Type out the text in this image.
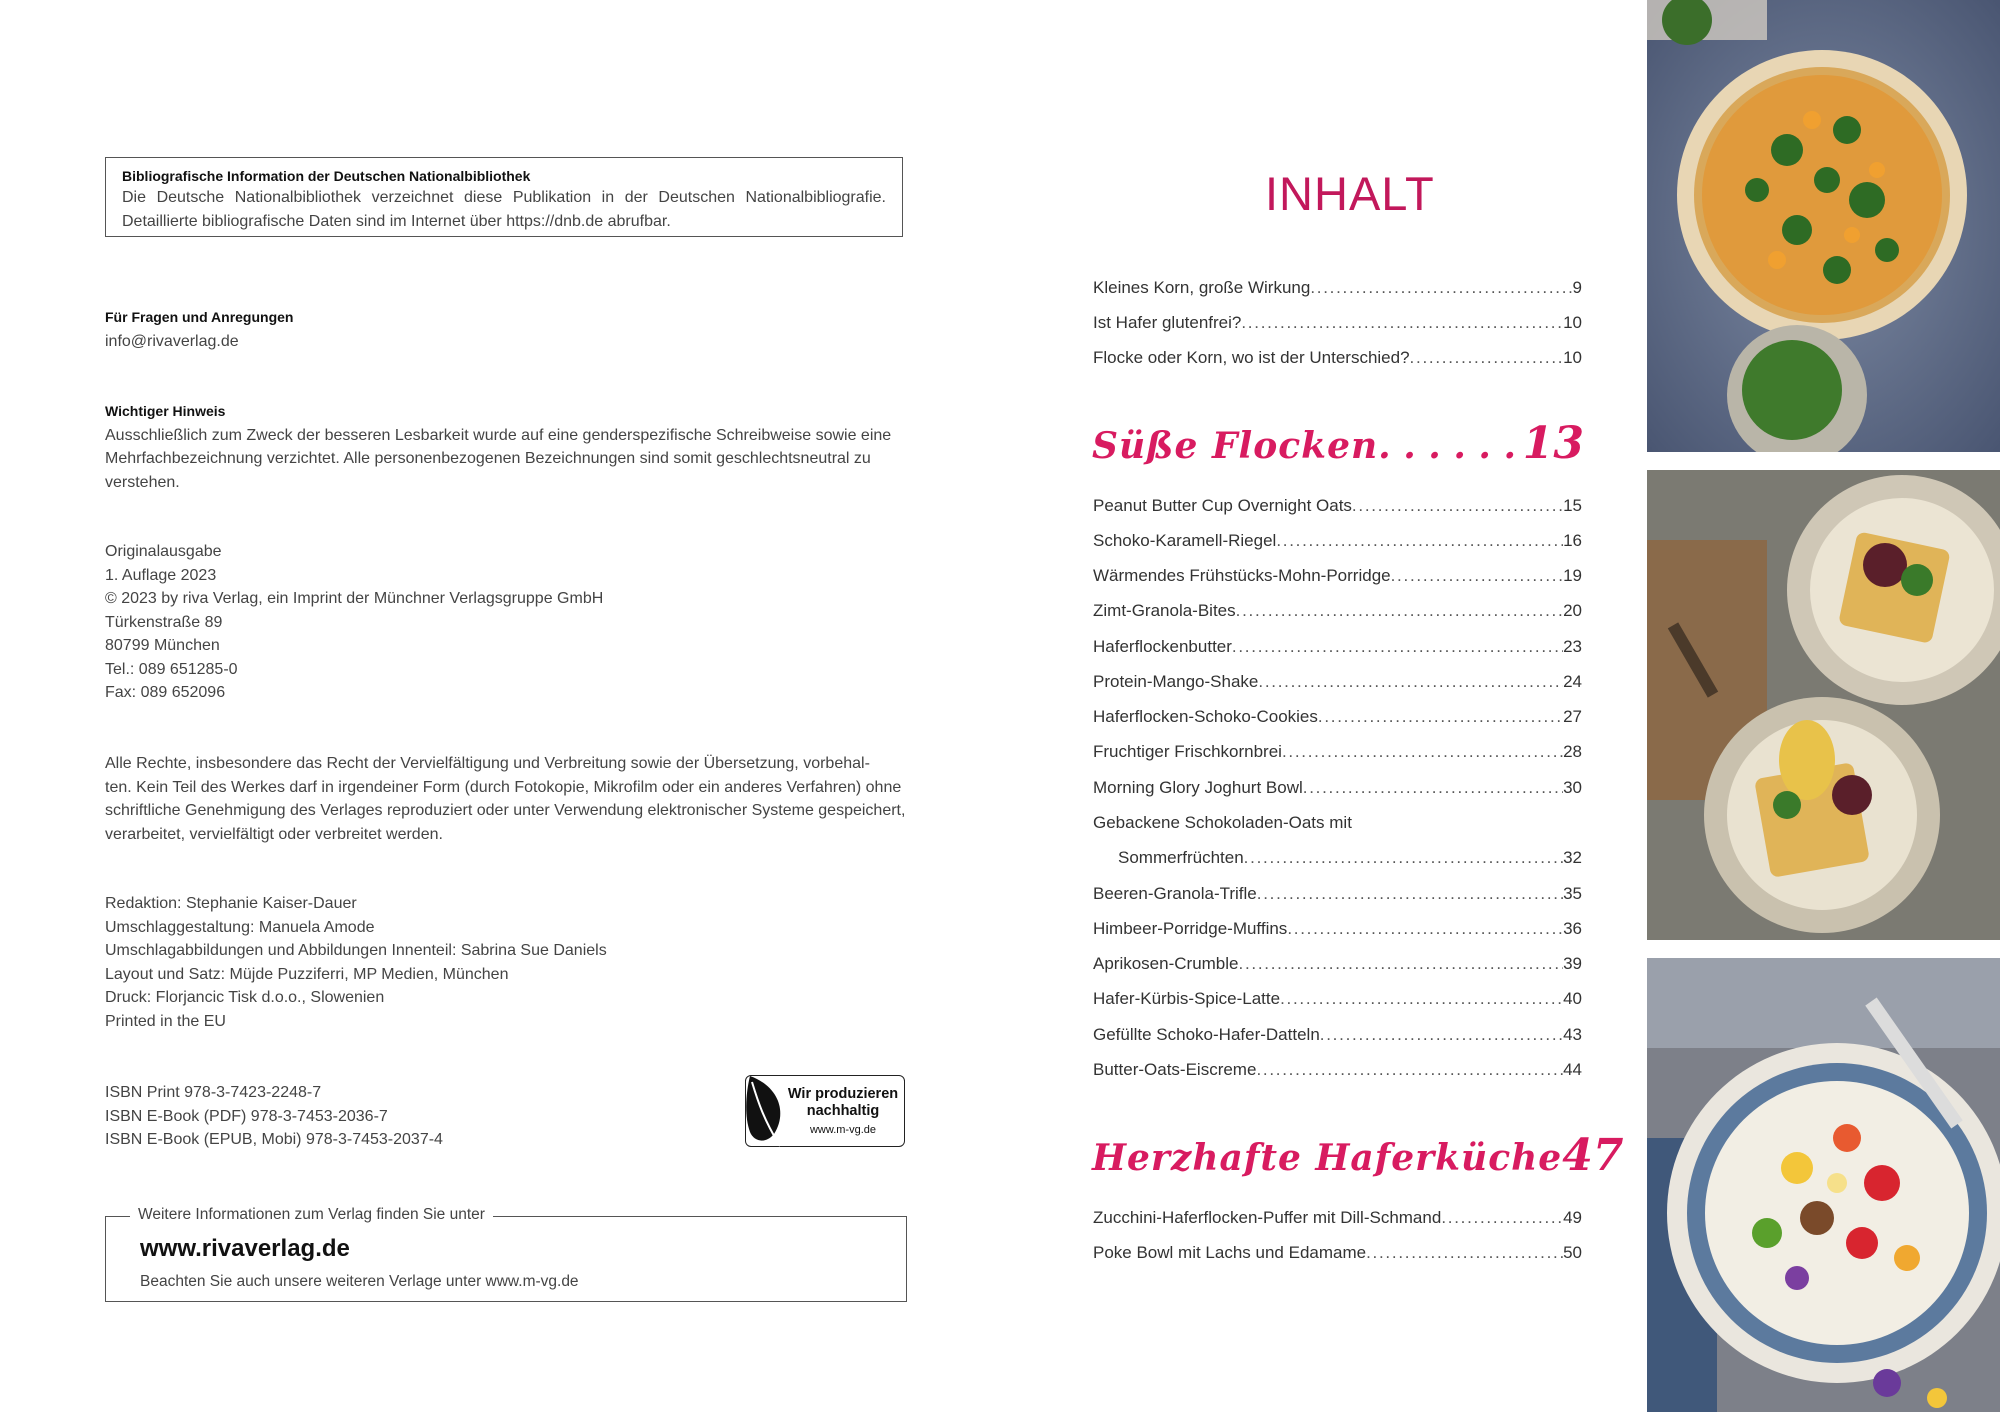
Bibliografische Information der Deutschen Nationalbibliothek
Die Deutsche Nationalbibliothek verzeichnet diese Publikation in der Deutschen Nationalbibliografie. Detaillierte bibliografische Daten sind im Internet über https://dnb.de abrufbar.
Für Fragen und Anregungen
info@rivaverlag.de
Wichtiger Hinweis
Ausschließlich zum Zweck der besseren Lesbarkeit wurde auf eine genderspezifische Schreibweise sowie eine
Mehrfachbezeichnung verzichtet. Alle personenbezogenen Bezeichnungen sind somit geschlechtsneutral zu
verstehen.
Originalausgabe
1. Auflage 2023
© 2023 by riva Verlag, ein Imprint der Münchner Verlagsgruppe GmbH
Türkenstraße 89
80799 München
Tel.: 089 651285-0
Fax: 089 652096
Alle Rechte, insbesondere das Recht der Vervielfältigung und Verbreitung sowie der Übersetzung, vorbehal-
ten. Kein Teil des Werkes darf in irgendeiner Form (durch Fotokopie, Mikrofilm oder ein anderes Verfahren) ohne
schriftliche Genehmigung des Verlages reproduziert oder unter Verwendung elektronischer Systeme gespeichert,
verarbeitet, vervielfältigt oder verbreitet werden.
Redaktion: Stephanie Kaiser-Dauer
Umschlaggestaltung: Manuela Amode
Umschlagabbildungen und Abbildungen Innenteil: Sabrina Sue Daniels
Layout und Satz: Müjde Puzziferri, MP Medien, München
Druck: Florjancic Tisk d.o.o., Slowenien
Printed in the EU
ISBN Print 978-3-7423-2248-7
ISBN E-Book (PDF) 978-3-7453-2036-7
ISBN E-Book (EPUB, Mobi) 978-3-7453-2037-4
Wir produzieren
nachhaltig
www.m-vg.de
Weitere Informationen zum Verlag finden Sie unter
www.rivaverlag.de
Beachten Sie auch unsere weiteren Verlage unter www.m-vg.de
INHALT
Kleines Korn, große Wirkung . . .	9
Ist Hafer glutenfrei? . . .	10
Flocke oder Korn, wo ist der Unterschied? . . .	10
Süße Flocken . . .	13
Peanut Butter Cup Overnight Oats . . .	15
Schoko-Karamell-Riegel . . .	16
Wärmendes Frühstücks-Mohn-Porridge . . .	19
Zimt-Granola-Bites . . .	20
Haferflockenbutter . . .	23
Protein-Mango-Shake . . .	24
Haferflocken-Schoko-Cookies . . .	27
Fruchtiger Frischkornbrei . . .	28
Morning Glory Joghurt Bowl . . .	30
Gebackene Schokoladen-Oats mit
Sommerfrüchten . . .	32
Beeren-Granola-Trifle . . .	35
Himbeer-Porridge-Muffins . . .	36
Aprikosen-Crumble . . .	39
Hafer-Kürbis-Spice-Latte . . .	40
Gefüllte Schoko-Hafer-Datteln . . .	43
Butter-Oats-Eiscreme . . .	44
Herzhafte Haferküche 47
Zucchini-Haferflocken-Puffer mit Dill-Schmand . . .	49
Poke Bowl mit Lachs und Edamame . . .	50
